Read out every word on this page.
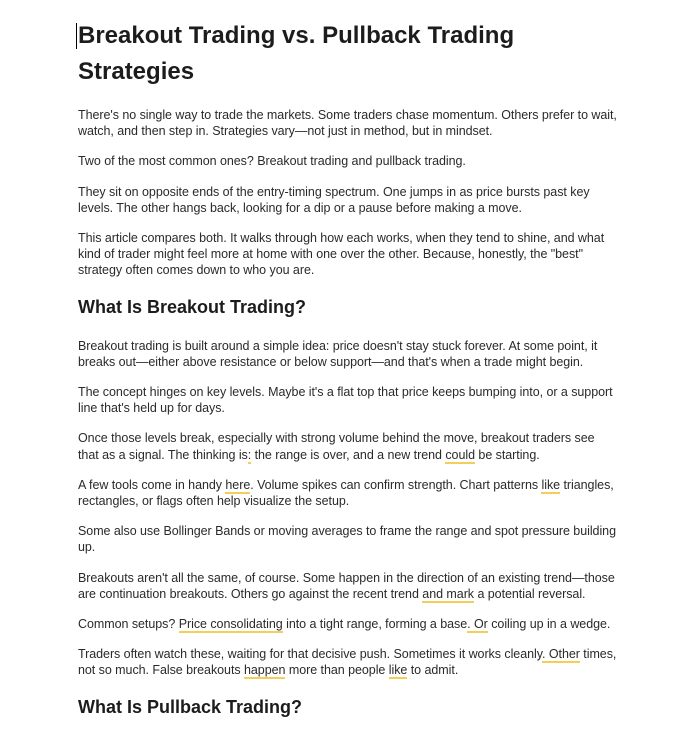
Breakout Trading vs. Pullback Trading Strategies

There's no single way to trade the markets. Some traders chase momentum. Others prefer to wait, watch, and then step in. Strategies vary—not just in method, but in mindset.

Two of the most common ones? Breakout trading and pullback trading.

They sit on opposite ends of the entry-timing spectrum. One jumps in as price bursts past key levels. The other hangs back, looking for a dip or a pause before making a move.

This article compares both. It walks through how each works, when they tend to shine, and what kind of trader might feel more at home with one over the other. Because, honestly, the "best" strategy often comes down to who you are.

What Is Breakout Trading?

Breakout trading is built around a simple idea: price doesn't stay stuck forever. At some point, it breaks out—either above resistance or below support—and that's when a trade might begin.

The concept hinges on key levels. Maybe it's a flat top that price keeps bumping into, or a support line that's held up for days.

Once those levels break, especially with strong volume behind the move, breakout traders see that as a signal. The thinking is: the range is over, and a new trend could be starting.

A few tools come in handy here. Volume spikes can confirm strength. Chart patterns like triangles, rectangles, or flags often help visualize the setup.

Some also use Bollinger Bands or moving averages to frame the range and spot pressure building up.

Breakouts aren't all the same, of course. Some happen in the direction of an existing trend—those are continuation breakouts. Others go against the recent trend and mark a potential reversal.

Common setups? Price consolidating into a tight range, forming a base. Or coiling up in a wedge.

Traders often watch these, waiting for that decisive push. Sometimes it works cleanly. Other times, not so much. False breakouts happen more than people like to admit.

What Is Pullback Trading?
